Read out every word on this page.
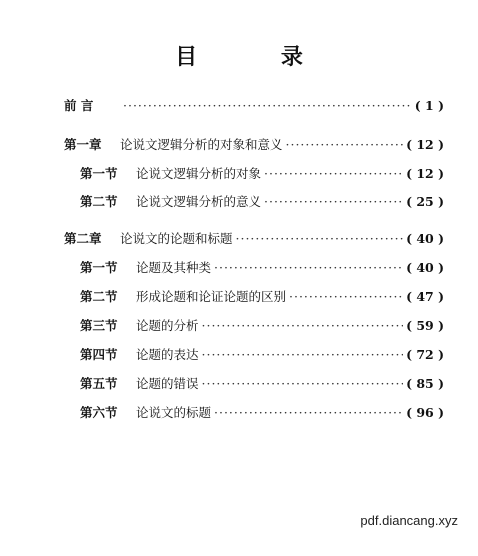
目 录
前 言 ·····	( 1 )
第一章	论说文逻辑分析的对象和意义 ·····	( 12 )
第一节	论说文逻辑分析的对象 ·····	( 12 )
第二节	论说文逻辑分析的意义 ·····	( 25 )
第二章	论说文的论题和标题 ·····	( 40 )
第一节	论题及其种类 ·····	( 40 )
第二节	形成论题和论证论题的区别 ·····	( 47 )
第三节	论题的分析 ·····	( 59 )
第四节	论题的表达 ·····	( 72 )
第五节	论题的错误 ·····	( 85 )
第六节	论说文的标题 ·····	( 96 )
pdf.diancang.xyz
